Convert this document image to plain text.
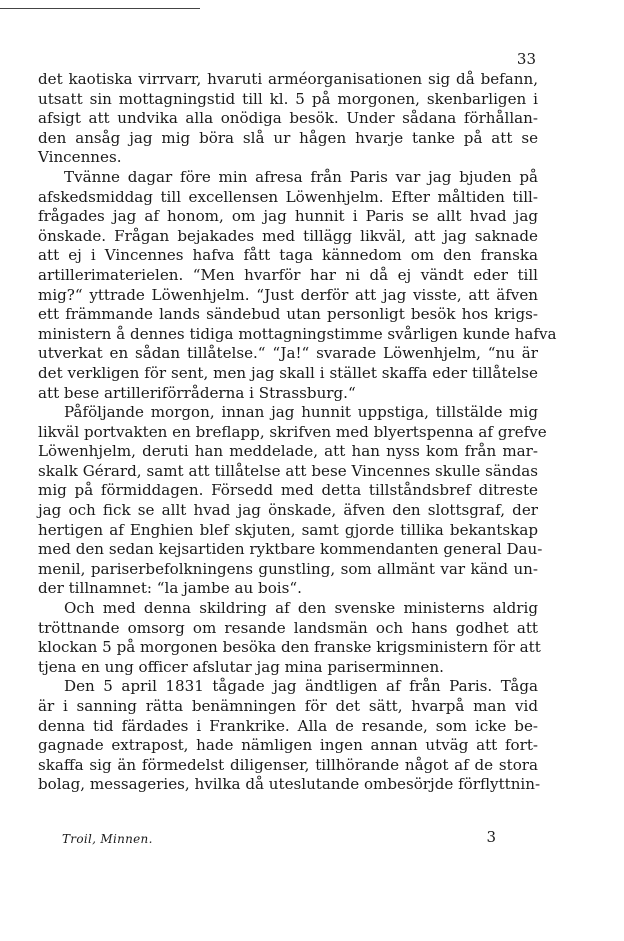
33
det kaotiska virrvarr, hvaruti arméorganisationen sig då befann,
utsatt sin mottagningstid till kl. 5 på morgonen, skenbarligen i
afsigt att undvika alla onödiga besök. Under sådana förhållan-
den ansåg jag mig böra slå ur hågen hvarje tanke på att se
Vincennes.
Tvänne dagar före min afresa från Paris var jag bjuden på
afskedsmiddag till excellensen Löwenhjelm. Efter måltiden till-
frågades jag af honom, om jag hunnit i Paris se allt hvad jag
önskade. Frågan bejakades med tillägg likväl, att jag saknade
att ej i Vincennes hafva fått taga kännedom om den franska
artillerimaterielen. “Men hvarför har ni då ej vändt eder till
mig?“ yttrade Löwenhjelm. “Just derför att jag visste, att äfven
ett främmande lands sändebud utan personligt besök hos krigs-
ministern å dennes tidiga mottagningstimme svårligen kunde hafva
utverkat en sådan tillåtelse.“ “Ja!“ svarade Löwenhjelm, “nu är
det verkligen för sent, men jag skall i stället skaffa eder tillåtelse
att bese artilleriförråderna i Strassburg.“
Påföljande morgon, innan jag hunnit uppstiga, tillstälde mig
likväl portvakten en breflapp, skrifven med blyertspenna af grefve
Löwenhjelm, deruti han meddelade, att han nyss kom från mar-
skalk Gérard, samt att tillåtelse att bese Vincennes skulle sändas
mig på förmiddagen. Försedd med detta tillståndsbref ditreste
jag och fick se allt hvad jag önskade, äfven den slottsgraf, der
hertigen af Enghien blef skjuten, samt gjorde tillika bekantskap
med den sedan kejsartiden ryktbare kommendanten general Dau-
menil, pariserbefolkningens gunstling, som allmänt var känd un-
der tillnamnet: “la jambe au bois“.
Och med denna skildring af den svenske ministerns aldrig
tröttnande omsorg om resande landsmän och hans godhet att
klockan 5 på morgonen besöka den franske krigsministern för att
tjena en ung officer afslutar jag mina pariserminnen.
Den 5 april 1831 tågade jag ändtligen af från Paris. Tåga
är i sanning rätta benämningen för det sätt, hvarpå man vid
denna tid färdades i Frankrike. Alla de resande, som icke be-
gagnade extrapost, hade nämligen ingen annan utväg att fort-
skaffa sig än förmedelst diligenser, tillhörande något af de stora
bolag, messageries, hvilka då uteslutande ombesörjde förflyttnin-
Troil, Minnen.	3
